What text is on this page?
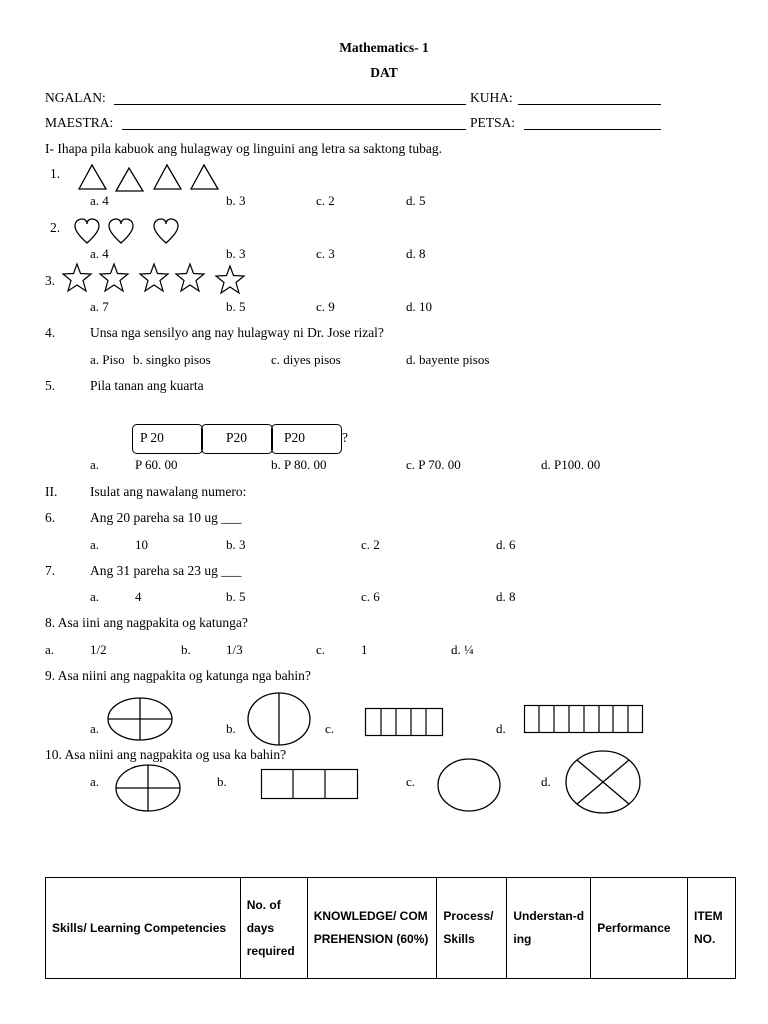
Mathematics- 1
DAT
NGALAN:	KUHA:
MAESTRA:	PETSA:
I- Ihapa pila kabuok ang hulagway og linguini ang letra sa saktong tubag.
1.
a. 4	b. 3	c. 2	d. 5
2.
a. 4	b. 3	c. 3	d. 8
3.
a. 7	b. 5	c. 9	d. 10
4.	Unsa nga sensilyo ang nay hulagway ni Dr. Jose rizal?
a. Piso b. singko pisos	c. diyes pisos	d. bayente pisos
5.	Pila tanan ang kuarta
P 20	P20	P20	?
a.	P 60. 00	b. P 80. 00	c. P 70. 00	d. P100. 00
II. Isulat ang nawalang numero:
6.	Ang 20 pareha sa 10 ug ___
a.	10	b. 3	c. 2	d. 6
7.	Ang 31 pareha sa 23 ug ___
a.	4	b. 5	c. 6	d. 8
8. Asa iini ang nagpakita og katunga?
a.	1/2	b.	1/3	c.	1	d. ¼
9. Asa niini ang nagpakita og katunga nga bahin?
a.	b.	c.	d.
10. Asa niini ang nagpakita og usa ka bahin?
a.	b.	c.	d.
Skills/ Learning Competencies	No. of days required	KNOWLEDGE/ COMPREHENSION (60%)	Process/ Skills	Understan-ding	Performance	ITEM NO.
